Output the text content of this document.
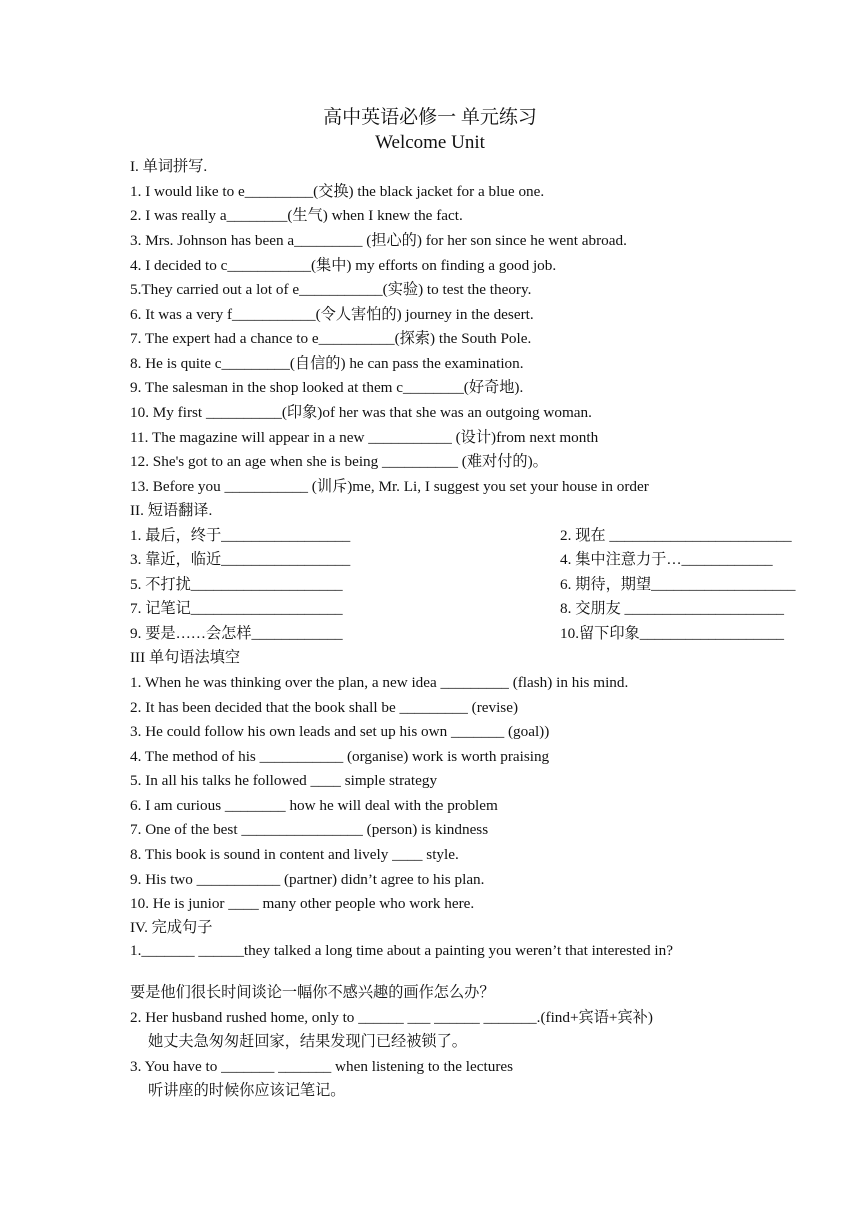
高中英语必修一 单元练习
Welcome Unit
I. 单词拼写.
1. I would like to e_________(交换) the black jacket for a blue one.
2. I was really a________(生气) when I knew the fact.
3. Mrs. Johnson has been a_________ (担心的) for her son since he went abroad.
4. I decided to c___________(集中) my efforts on finding a good job.
5.They carried out a lot of e___________(实验) to test the theory.
6. It was a very f___________(令人害怕的) journey in the desert.
7. The expert had a chance to e__________(探索) the South Pole.
8. He is quite c_________(自信的) he can pass the examination.
9. The salesman in the shop looked at them c________(好奇地).
10. My first __________(印象)of her was that she was an outgoing woman.
11. The magazine will appear in a new ___________ (设计)from next month
12. She's got to an age when she is being __________ (难对付的)。
13. Before you ___________ (训斥)me, Mr. Li, I suggest you set your house in order
II. 短语翻译.
1. 最后，终于_________________	2. 现在 ________________________
3. 靠近，临近_________________	4. 集中注意力于…____________
5. 不打扰____________________	6. 期待，期望___________________
7. 记笔记____________________	8. 交朋友 _____________________
9. 要是……会怎样____________	10.留下印象___________________
III 单句语法填空
1. When he was thinking over the plan, a new idea _________ (flash) in his mind.
2. It has been decided that the book shall be _________ (revise)
3. He could follow his own leads and set up his own _______ (goal))
4. The method of his ___________ (organise) work is worth praising
5. In all his talks he followed ____ simple strategy
6. I am curious ________ how he will deal with the problem
7. One of the best ________________ (person) is kindness
8. This book is sound in content and lively ____ style.
9. His two ___________ (partner) didn’t agree to his plan.
10. He is junior ____ many other people who work here.
IV. 完成句子
1._______ ______they talked a long time about a painting you weren’t that interested in?
要是他们很长时间谈论一幅你不感兴趣的画作怎么办？
2. Her husband rushed home, only to ______ ___ ______ _______.(find+宾语+宾补)
她丈夫急匆匆赶回家，结果发现门已经被锁了。
3. You have to _______ _______ when listening to the lectures
听讲座的时候你应该记笔记。
